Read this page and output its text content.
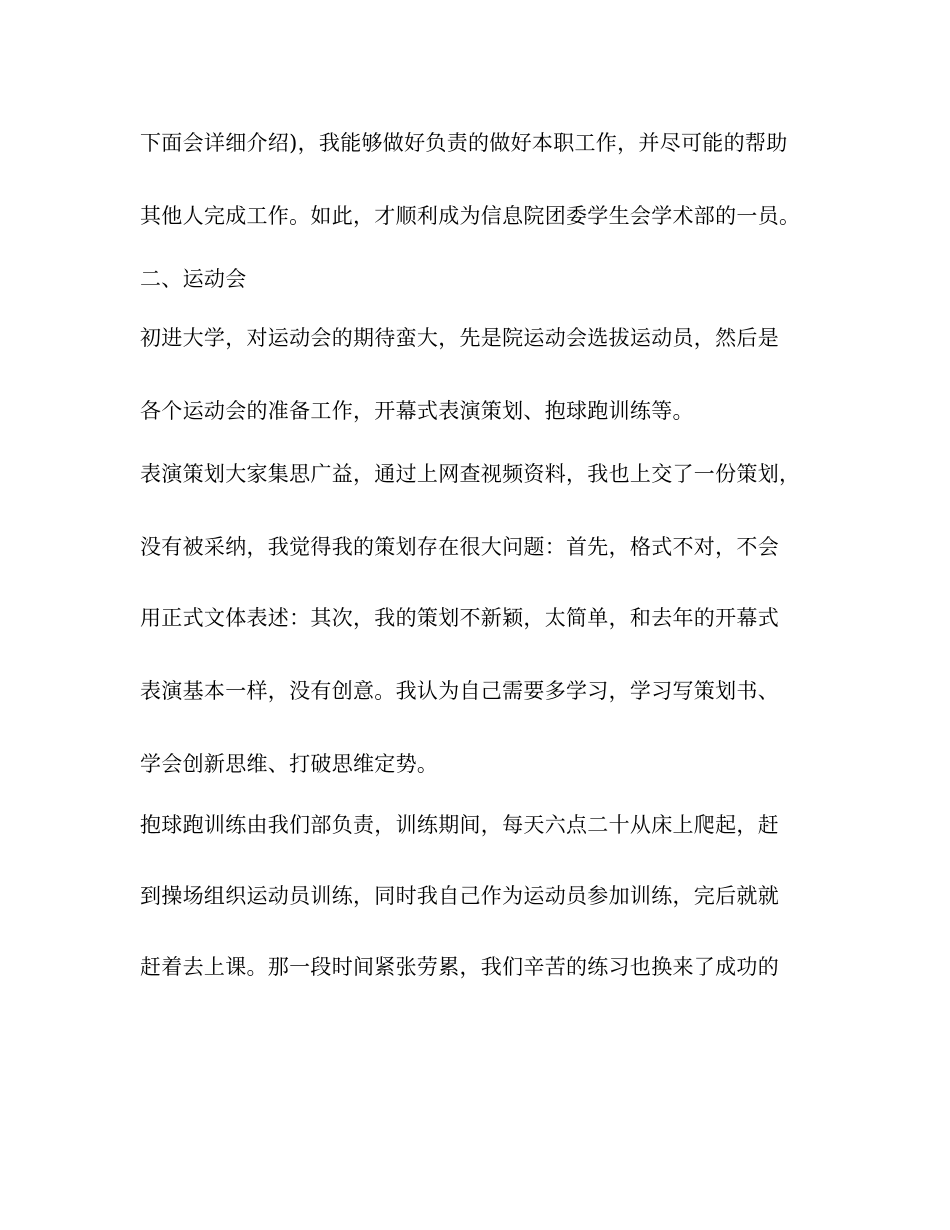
下面会详细介绍)，我能够做好负责的做好本职工作，并尽可能的帮助
其他人完成工作。如此，才顺利成为信息院团委学生会学术部的一员。
二、运动会
初进大学，对运动会的期待蛮大，先是院运动会选拔运动员，然后是
各个运动会的准备工作，开幕式表演策划、抱球跑训练等。
表演策划大家集思广益，通过上网查视频资料，我也上交了一份策划，
没有被采纳，我觉得我的策划存在很大问题：首先，格式不对，不会
用正式文体表述：其次，我的策划不新颖，太简单，和去年的开幕式
表演基本一样，没有创意。我认为自己需要多学习，学习写策划书、
学会创新思维、打破思维定势。
抱球跑训练由我们部负责，训练期间，每天六点二十从床上爬起，赶
到操场组织运动员训练，同时我自己作为运动员参加训练，完后就就
赶着去上课。那一段时间紧张劳累，我们辛苦的练习也换来了成功的
